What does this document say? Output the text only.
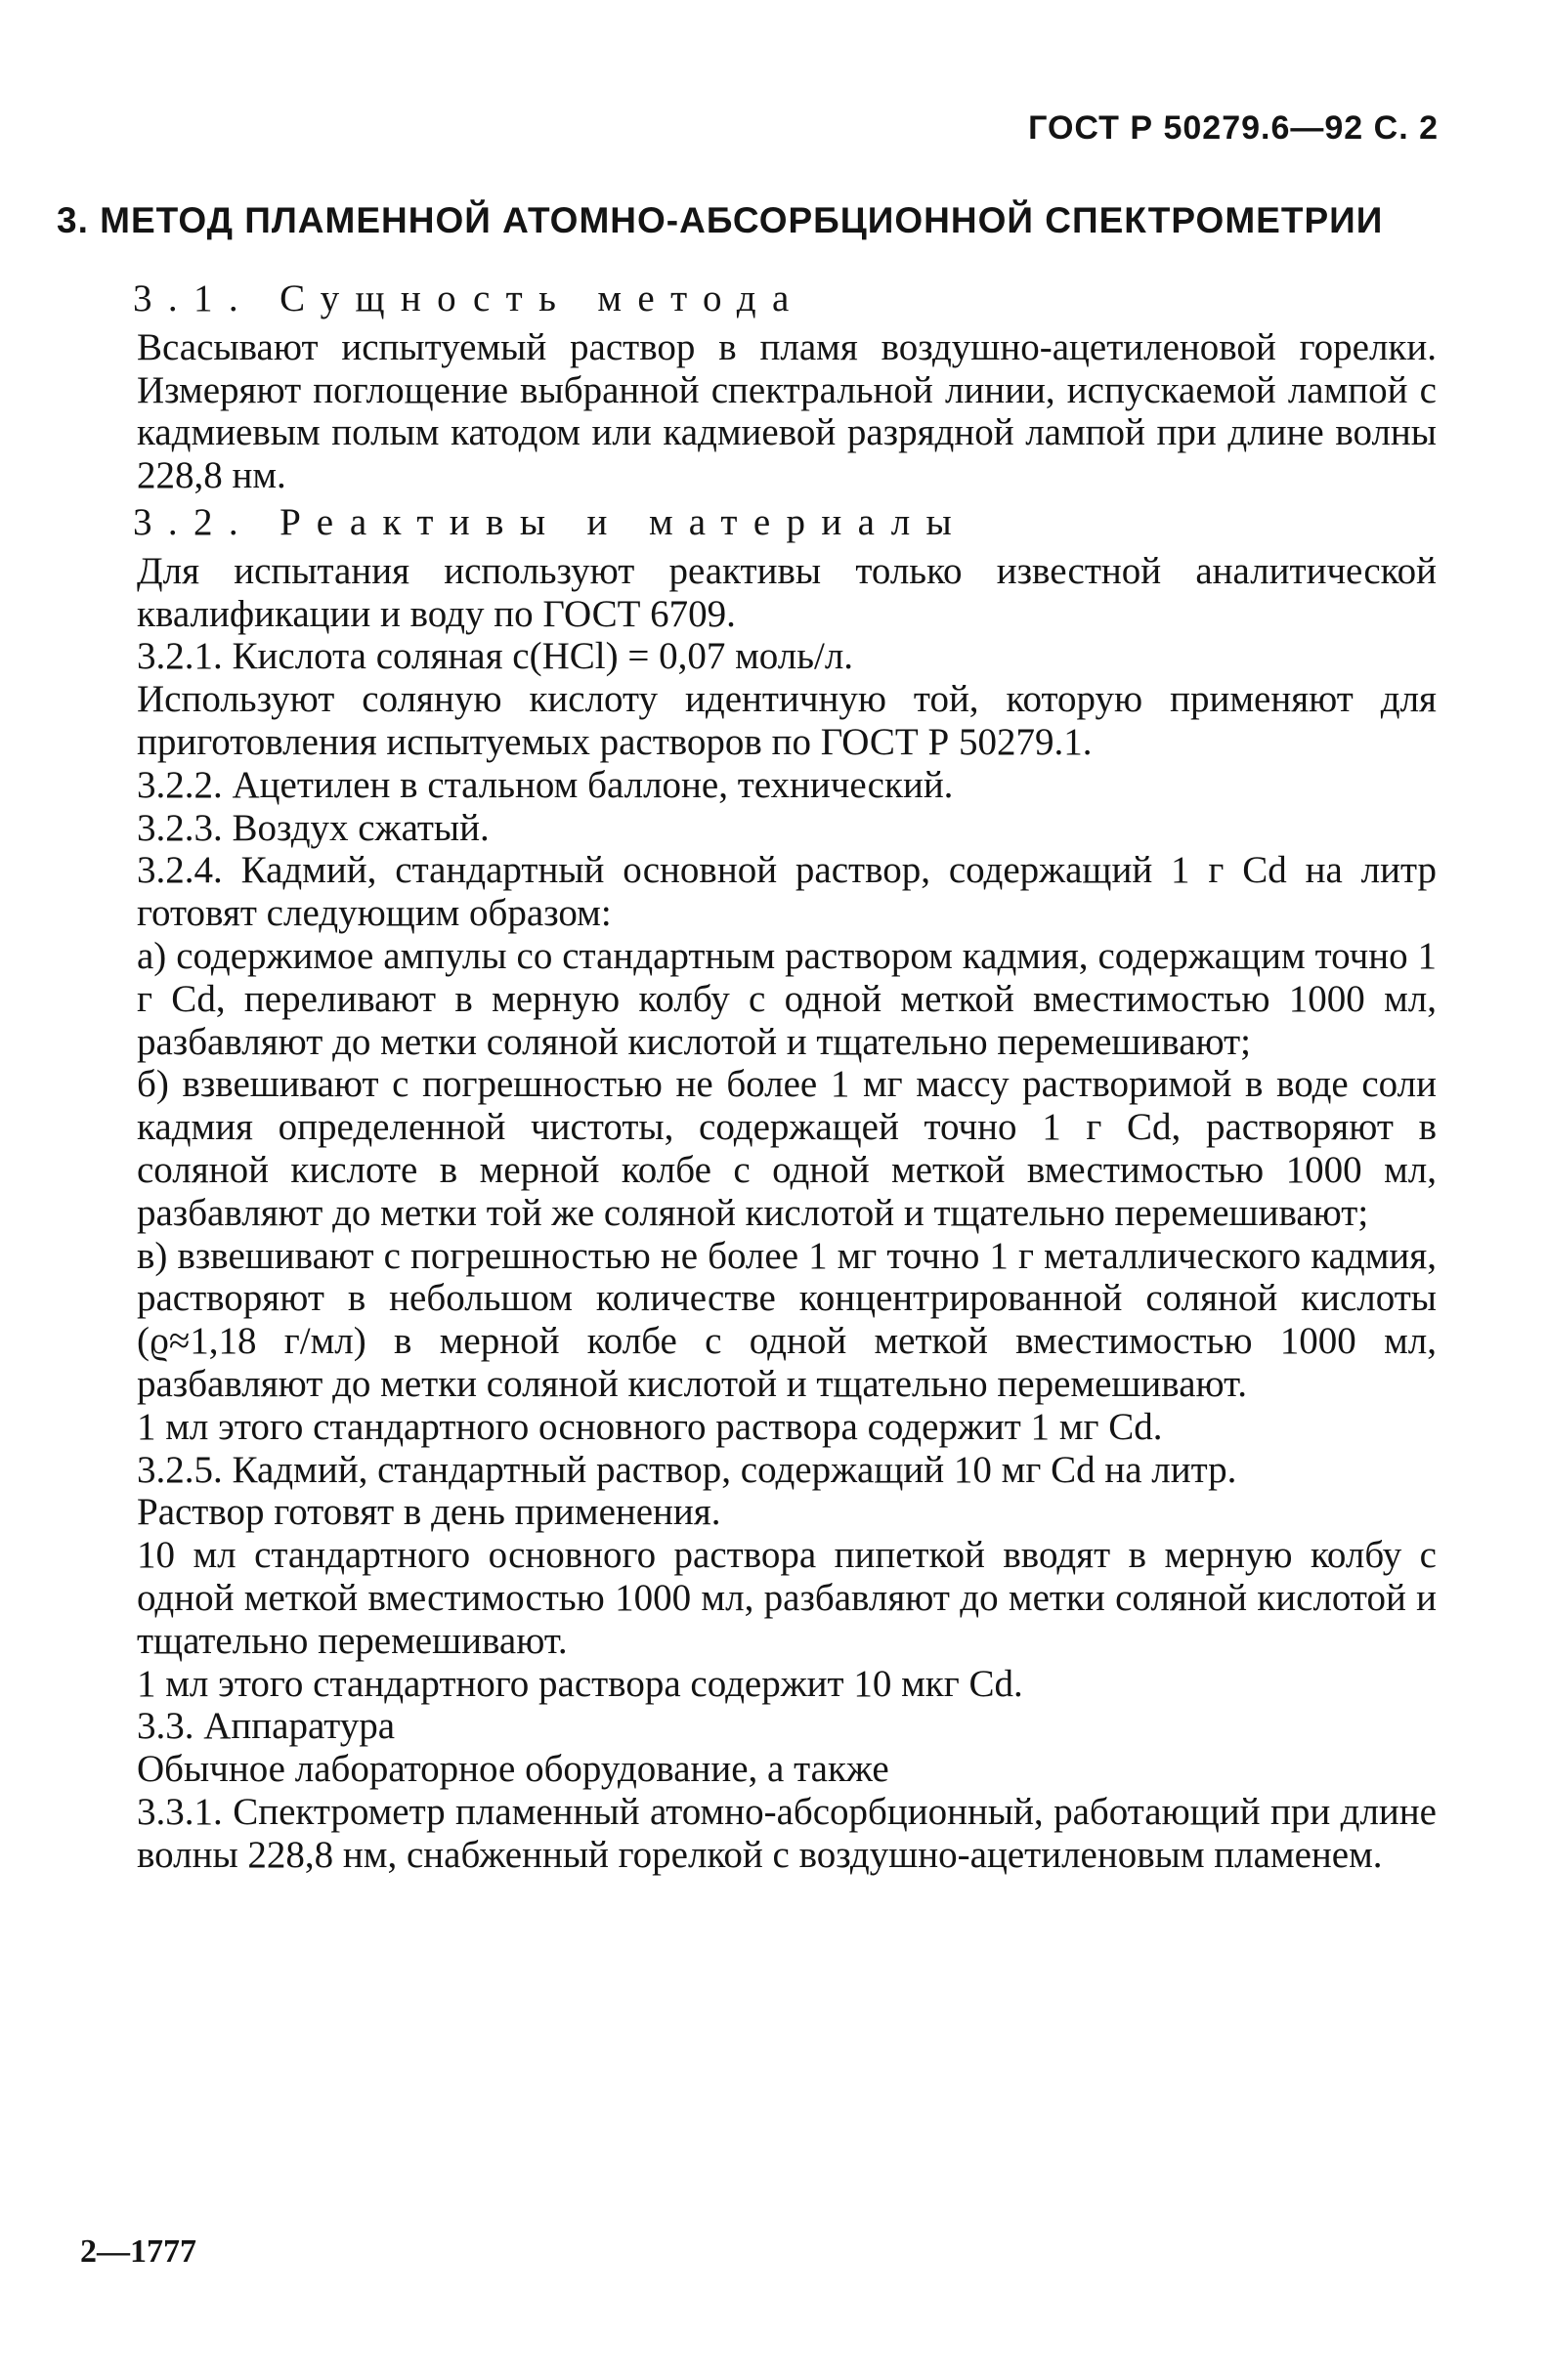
ГОСТ Р 50279.6—92 С. 2
3. МЕТОД ПЛАМЕННОЙ АТОМНО-АБСОРБЦИОННОЙ СПЕКТРОМЕТРИИ

3.1. Сущность метода

Всасывают испытуемый раствор в пламя воздушно-ацетиленовой горелки. Измеряют поглощение выбранной спектральной линии, испускаемой лампой с кадмиевым полым катодом или кадмиевой разрядной лампой при длине волны 228,8 нм.

3.2. Реактивы и материалы

Для испытания используют реактивы только известной аналитической квалификации и воду по ГОСТ 6709.

3.2.1. Кислота соляная c(HCl) = 0,07 моль/л.

Используют соляную кислоту идентичную той, которую применяют для приготовления испытуемых растворов по ГОСТ Р 50279.1.

3.2.2. Ацетилен в стальном баллоне, технический.

3.2.3. Воздух сжатый.

3.2.4. Кадмий, стандартный основной раствор, содержащий 1 г Cd на литр готовят следующим образом:

а) содержимое ампулы со стандартным раствором кадмия, содержащим точно 1 г Cd, переливают в мерную колбу с одной меткой вместимостью 1000 мл, разбавляют до метки соляной кислотой и тщательно перемешивают;

б) взвешивают с погрешностью не более 1 мг массу растворимой в воде соли кадмия определенной чистоты, содержащей точно 1 г Cd, растворяют в соляной кислоте в мерной колбе с одной меткой вместимостью 1000 мл, разбавляют до метки той же соляной кислотой и тщательно перемешивают;

в) взвешивают с погрешностью не более 1 мг точно 1 г металлического кадмия, растворяют в небольшом количестве концентрированной соляной кислоты (ϱ≈1,18 г/мл) в мерной колбе с одной меткой вместимостью 1000 мл, разбавляют до метки соляной кислотой и тщательно перемешивают.

1 мл этого стандартного основного раствора содержит 1 мг Cd.

3.2.5. Кадмий, стандартный раствор, содержащий 10 мг Cd на литр.

Раствор готовят в день применения.

10 мл стандартного основного раствора пипеткой вводят в мерную колбу с одной меткой вместимостью 1000 мл, разбавляют до метки соляной кислотой и тщательно перемешивают.

1 мл этого стандартного раствора содержит 10 мкг Cd.

3.3. Аппаратура

Обычное лабораторное оборудование, а также

3.3.1. Спектрометр пламенный атомно-абсорбционный, работающий при длине волны 228,8 нм, снабженный горелкой с воздушно-ацетиленовым пламенем.

2—1777
